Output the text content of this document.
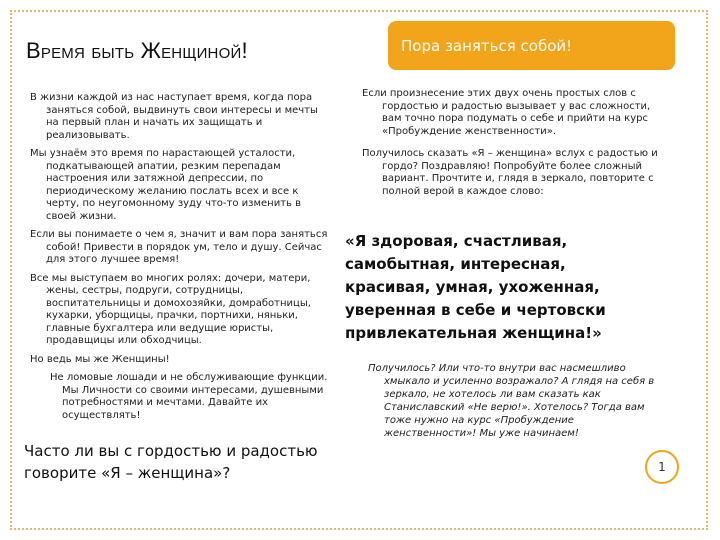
Время быть Женщиной!	Пора заняться собой!

В жизни каждой из нас наступает время, когда пора заняться собой, выдвинуть свои интересы и мечты на первый план и начать их защищать и реализовывать.

Мы узнаём это время по нарастающей усталости, подкатывающей апатии, резким перепадам настроения или затяжной депрессии, по периодическому желанию послать всех и все к черту, по неугомонному зуду что-то изменить в своей жизни.

Если вы понимаете о чем я, значит и вам пора заняться собой! Привести в порядок ум, тело и душу. Сейчас для этого лучшее время!

Все мы выступаем во многих ролях: дочери, матери, жены, сестры, подруги, сотрудницы, воспитательницы и домохозяйки, домработницы, кухарки, уборщицы, прачки, портнихи, няньки, главные бухгалтера или ведущие юристы, продавщицы или обходчицы.

Но ведь мы же Женщины!

Не ломовые лошади и не обслуживающие функции. Мы Личности со своими интересами, душевными потребностями и мечтами. Давайте их осуществлять!

Часто ли вы с гордостью и радостью говорите «Я – женщина»?

Если произнесение этих двух очень простых слов с гордостью и радостью вызывает у вас сложности, вам точно пора подумать о себе и прийти на курс «Пробуждение женственности».

Получилось сказать «Я – женщина» вслух с радостью и гордо? Поздравляю! Попробуйте более сложный вариант. Прочтите и, глядя в зеркало, повторите с полной верой в каждое слово:

«Я здоровая, счастливая, самобытная, интересная, красивая, умная, ухоженная, уверенная в себе и чертовски привлекательная женщина!»
Получилось? Или что-то внутри вас насмешливо хмыкало и усиленно возражало? А глядя на себя в зеркало, не хотелось ли вам сказать как Станиславский «Не верю!». Хотелось? Тогда вам тоже нужно на курс «Пробуждение женственности»! Мы уже начинаем!
1
